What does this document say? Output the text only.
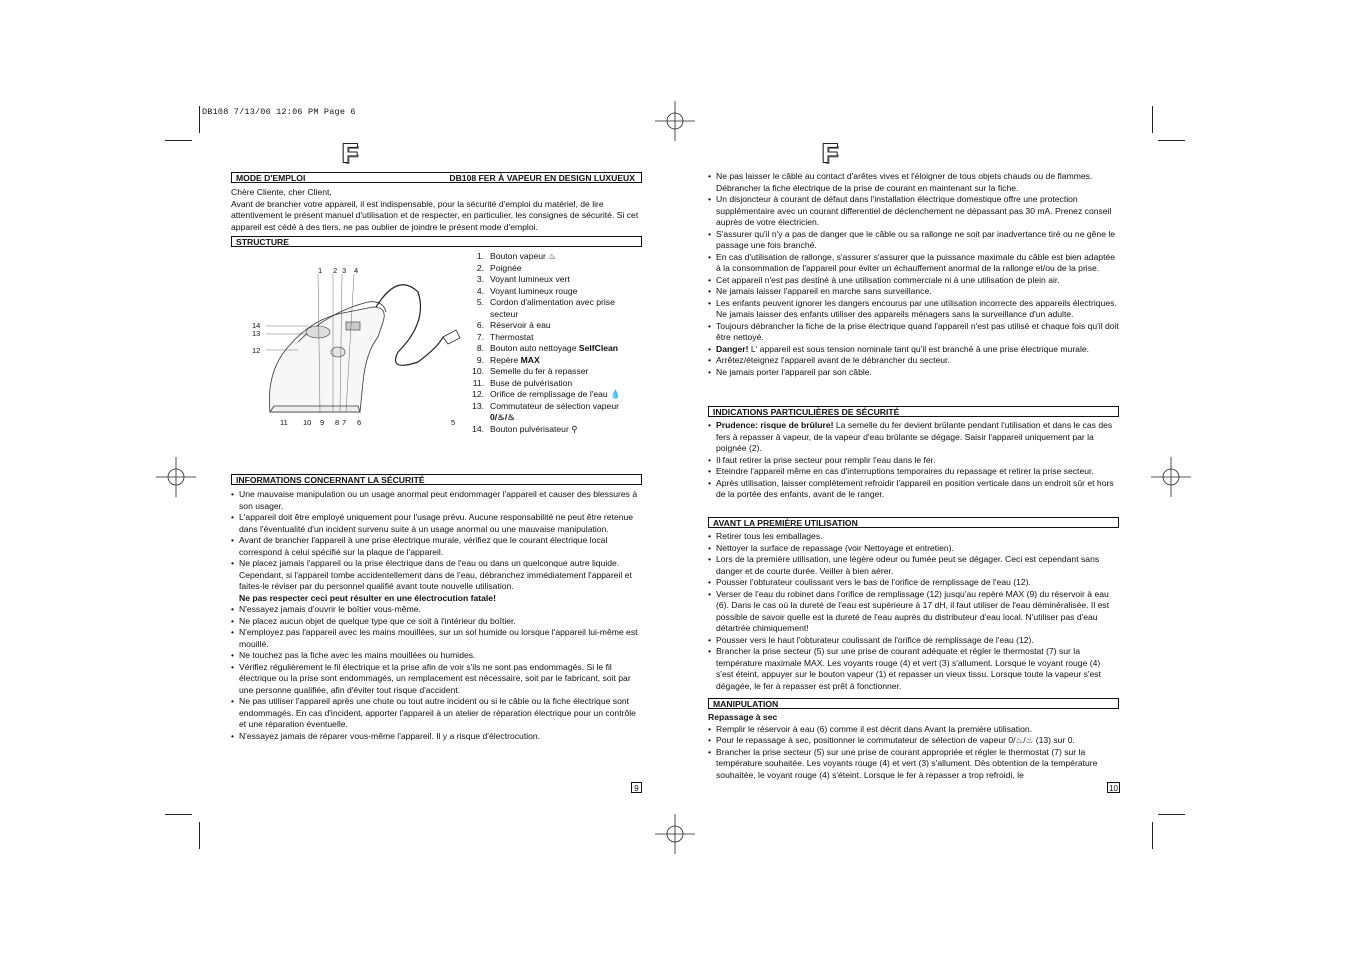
DB108 7/13/06 12:06 PM Page 6
F
MODE D'EMPLOI	DB108 FER À VAPEUR EN DESIGN LUXUEUX
Chère Cliente, cher Client,
Avant de brancher votre appareil, il est indispensable, pour la sécurité d'emploi du matériel, de lire attentivement le présent manuel d'utilisation et de respecter, en particulier, les consignes de sécurité. Si cet appareil est cédé à des tiers, ne pas oublier de joindre le présent mode d'emploi.
STRUCTURE
1 2 3 4
14
13
12
11 10 9 8 7 6	5
1. Bouton vapeur ♨
2. Poignée
3. Voyant lumineux vert
4. Voyant lumineux rouge
5. Cordon d'alimentation avec prise secteur
6. Réservoir à eau
7. Thermostat
8. Bouton auto nettoyage SelfClean
9. Repère MAX
10. Semelle du fer à repasser
11. Buse de pulvérisation
12. Orifice de remplissage de l'eau 💧
13. Commutateur de sélection vapeur
0/♨/♨
14. Bouton pulvérisateur ⚲
INFORMATIONS CONCERNANT LA SÉCURITÉ
• Une mauvaise manipulation ou un usage anormal peut endommager l'appareil et causer des blessures à son usager.
• L'appareil doit être employé uniquement pour l'usage prévu. Aucune responsabilité ne peut être retenue dans l'éventualité d'un incident survenu suite à un usage anormal ou une mauvaise manipulation.
• Avant de brancher l'appareil à une prise électrique murale, vérifiez que le courant électrique local correspond à celui spécifié sur la plaque de l'appareil.
• Ne placez jamais l'appareil ou la prise électrique dans de l'eau ou dans un quelconque autre liquide. Cependant, si l'appareil tombe accidentellement dans de l'eau, débranchez immédiatement l'appareil et faites-le réviser par du personnel qualifié avant toute nouvelle utilisation.
Ne pas respecter ceci peut résulter en une électrocution fatale!
• N'essayez jamais d'ouvrir le boîtier vous-même.
• Ne placez aucun objet de quelque type que ce soit à l'intérieur du boîtier.
• N'employez pas l'appareil avec les mains mouillées, sur un sol humide ou lorsque l'appareil lui-même est mouillé.
• Ne touchez pas la fiche avec les mains mouillées ou humides.
• Vérifiez régulièrement le fil électrique et la prise afin de voir s'ils ne sont pas endommagés. Si le fil électrique ou la prise sont endommagés, un remplacement est nécessaire, soit par le fabricant, soit par une personne qualifiée, afin d'éviter tout risque d'accident.
• Ne pas utiliser l'appareil après une chute ou tout autre incident ou si le câble ou la fiche électrique sont endommagés. En cas d'incident, apporter l'appareil à un atelier de réparation électrique pour un contrôle et une réparation éventuelle.
• N'essayez jamais de réparer vous-même l'appareil. Il y a risque d'électrocution.
9
F
• Ne pas laisser le câble au contact d'arêtes vives et l'éloigner de tous objets chauds ou de flammes. Débrancher la fiche électrique de la prise de courant en maintenant sur la fiche.
• Un disjoncteur à courant de défaut dans l'installation électrique domestique offre une protection supplémentaire avec un courant differentiel de déclenchement ne dépassant pas 30 mA. Prenez conseil auprès de votre électricien.
• S'assurer qu'il n'y a pas de danger que le câble ou sa rallonge ne soit par inadvertance tiré ou ne gêne le passage une fois branché.
• En cas d'utilisation de rallonge, s'assurer s'assurer que la puissance maximale du câble est bien adaptée à la consommation de l'appareil pour éviter un échauffement anormal de la rallonge et/ou de la prise.
• Cet appareil n'est pas destiné à une utilisation commerciale ni à une utilisation de plein air.
• Ne jamais laisser l'appareil en marche sans surveillance.
• Les enfants peuvent ignorer les dangers encourus par une utilisation incorrecte des appareils électriques. Ne jamais laisser des enfants utiliser des appareils ménagers sans la surveillance d'un adulte.
• Toujours débrancher la fiche de la prise électrique quand l'appareil n'est pas utilisé et chaque fois qu'il doit être nettoyé.
• Danger! L' appareil est sous tension nominale tant qu'il est branché à une prise électrique murale.
• Arrêtez/éteignez l'appareil avant de le débrancher du secteur.
• Ne jamais porter l'appareil par son câble.
INDICATIONS PARTICULIÈRES DE SÉCURITÉ
• Prudence: risque de brûlure! La semelle du fer devient brûlante pendant l'utilisation et dans le cas des fers à repasser à vapeur, de la vapeur d'eau brûlante se dégage. Saisir l'appareil uniquement par la poignée (2).
• Il faut retirer la prise secteur pour remplir l'eau dans le fer.
• Eteindre l'appareil même en cas d'interruptions temporaires du repassage et retirer la prise secteur.
• Après utilisation, laisser complètement refroidir l'appareil en position verticale dans un endroit sûr et hors de la portée des enfants, avant de le ranger.
AVANT LA PREMIÈRE UTILISATION
• Retirer tous les emballages.
• Nettoyer la surface de repassage (voir Nettoyage et entretien).
• Lors de la première utilisation, une légère odeur ou fumée peut se dégager. Ceci est cependant sans danger et de courte durée. Veiller à bien aérer.
• Pousser l'obturateur coulissant vers le bas de l'orifice de remplissage de l'eau (12).
• Verser de l'eau du robinet dans l'orifice de remplissage (12) jusqu'au repère MAX (9) du réservoir à eau (6). Dans le cas où la dureté de l'eau est supérieure à 17 dH, il faut utiliser de l'eau déminéralisée. Il est possible de savoir quelle est la dureté de l'eau auprès du distributeur d'eau local. N'utiliser pas d'eau détartrée chimiquement!
• Pousser vers le haut l'obturateur coulissant de l'orifice de remplissage de l'eau (12).
• Brancher la prise secteur (5) sur une prise de courant adéquate et régler le thermostat (7) sur la température maximale MAX. Les voyants rouge (4) et vert (3) s'allument. Lorsque le voyant rouge (4) s'est éteint, appuyer sur le bouton vapeur (1) et repasser un vieux tissu. Lorsque toute la vapeur s'est dégagée, le fer à repasser est prêt à fonctionner.
MANIPULATION
Repassage à sec
• Remplir le réservoir à eau (6) comme il est décrit dans Avant la première utilisation.
• Pour le repassage à sec, positionner le commutateur de sélection de vapeur 0/♨/♨ (13) sur 0.
• Brancher la prise secteur (5) sur une prise de courant appropriée et régler le thermostat (7) sur la température souhaitée. Les voyants rouge (4) et vert (3) s'allument. Dès obtention de la température souhaitée, le voyant rouge (4) s'éteint. Lorsque le fer à repasser a trop refroidi, le
10
